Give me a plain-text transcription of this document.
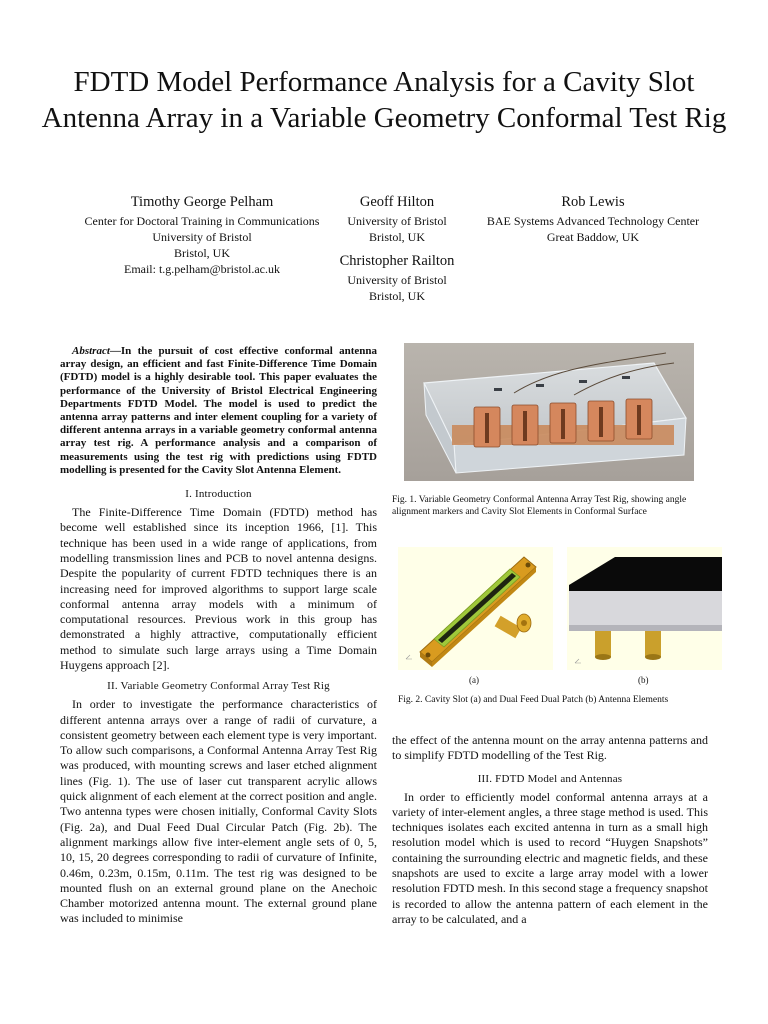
FDTD Model Performance Analysis for a Cavity Slot Antenna Array in a Variable Geometry Conformal Test Rig
Timothy George Pelham
Center for Doctoral Training in Communications
University of Bristol
Bristol, UK
Email: t.g.pelham@bristol.ac.uk
Geoff Hilton
University of Bristol
Bristol, UK
Rob Lewis
BAE Systems Advanced Technology Center
Great Baddow, UK
Christopher Railton
University of Bristol
Bristol, UK
Abstract—In the pursuit of cost effective conformal antenna array design, an efficient and fast Finite-Difference Time Domain (FDTD) model is a highly desirable tool. This paper evaluates the performance of the University of Bristol Electrical Engineering Departments FDTD Model. The model is used to predict the antenna array patterns and inter element coupling for a variety of different antenna arrays in a variable geometry conformal antenna array test rig. A performance analysis and a comparison of measurements using the test rig with predictions using FDTD modelling is presented for the Cavity Slot Antenna Element.
I. Introduction

The Finite-Difference Time Domain (FDTD) method has become well established since its inception 1966, [1]. This technique has been used in a wide range of applications, from modelling transmission lines and PCB to novel antenna designs. Despite the popularity of current FDTD techniques there is an increasing need for improved algorithms to support large scale conformal antenna array models with a minimum of computational resources. Previous work in this group has demonstrated a highly attractive, computationally efficient method to simulate such large arrays using a Time Domain Huygens approach [2].

II. Variable Geometry Conformal Array Test Rig

In order to investigate the performance characteristics of different antenna arrays over a range of radii of curvature, a consistent geometry between each element type is very important. To allow such comparisons, a Conformal Antenna Array Test Rig was produced, with mounting screws and laser etched alignment lines (Fig. 1). The use of laser cut transparent acrylic allows quick alignment of each element at the correct position and angle. Two antenna types were chosen initially, Conformal Cavity Slots (Fig. 2a), and Dual Feed Dual Circular Patch (Fig. 2b). The alignment markings allow five inter-element angle sets of 0, 5, 10, 15, 20 degrees corresponding to radii of curvature of Infinite, 0.46m, 0.23m, 0.15m, 0.11m. The test rig was designed to be mounted flush on an external ground plane on the Anechoic Chamber motorized antenna mount. The external ground plane was included to minimise

Fig. 1. Variable Geometry Conformal Antenna Array Test Rig, showing angle alignment markers and Cavity Slot Elements in Conformal Surface
(a)	(b)
Fig. 2. Cavity Slot (a) and Dual Feed Dual Patch (b) Antenna Elements

the effect of the antenna mount on the array antenna patterns and to simplify FDTD modelling of the Test Rig.

III. FDTD Model and Antennas

In order to efficiently model conformal antenna arrays at a variety of inter-element angles, a three stage method is used. This techniques isolates each excited antenna in turn as a small high resolution model which is used to record “Huygen Snapshots” containing the surrounding electric and magnetic fields, and these snapshots are used to excite a large array model with a lower resolution FDTD mesh. In this second stage a frequency snapshot is recorded to allow the antenna pattern of each element in the array to be calculated, and a
